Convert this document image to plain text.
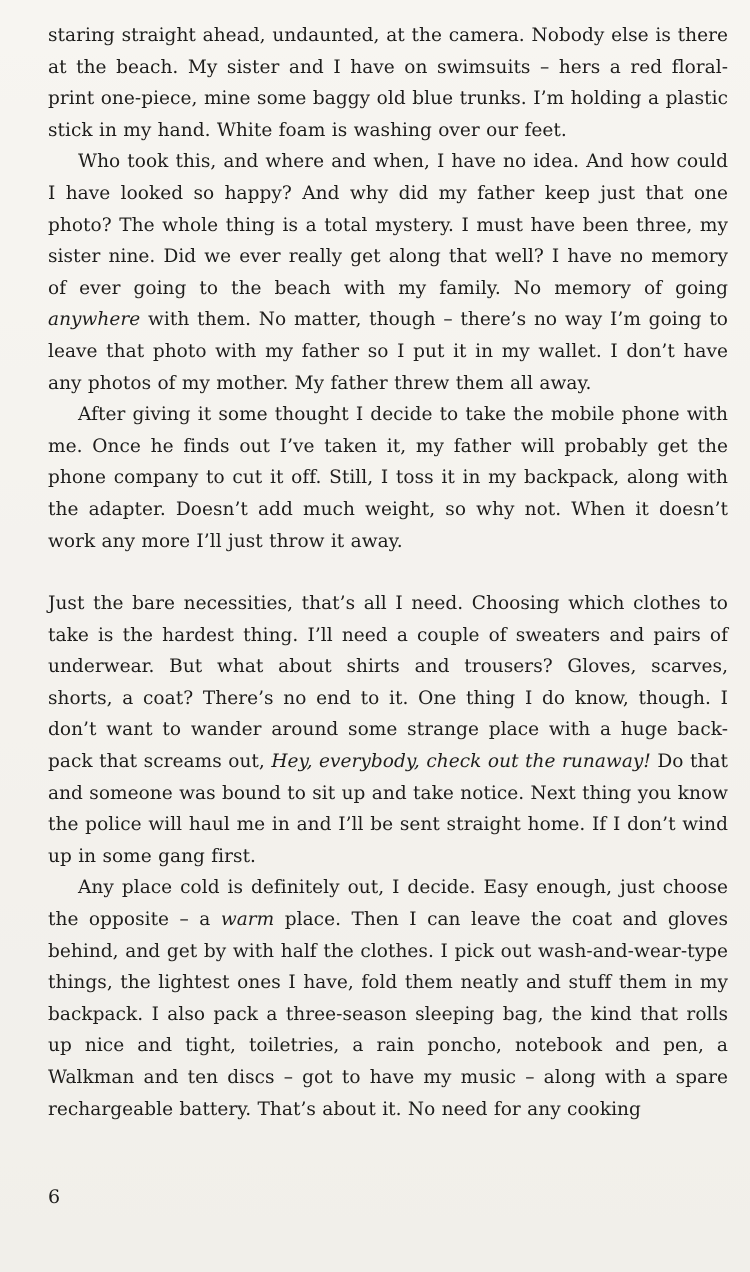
staring straight ahead, undaunted, at the camera. Nobody else is there at the beach. My sister and I have on swimsuits – hers a red floral-print one-piece, mine some baggy old blue trunks. I’m holding a plastic stick in my hand. White foam is washing over our feet.

Who took this, and where and when, I have no idea. And how could I have looked so happy? And why did my father keep just that one photo? The whole thing is a total mystery. I must have been three, my sister nine. Did we ever really get along that well? I have no memory of ever going to the beach with my family. No memory of going anywhere with them. No matter, though – there’s no way I’m going to leave that photo with my father so I put it in my wallet. I don’t have any photos of my mother. My father threw them all away.

After giving it some thought I decide to take the mobile phone with me. Once he finds out I’ve taken it, my father will probably get the phone company to cut it off. Still, I toss it in my backpack, along with the adapter. Doesn’t add much weight, so why not. When it doesn’t work any more I’ll just throw it away.

Just the bare necessities, that’s all I need. Choosing which clothes to take is the hardest thing. I’ll need a couple of sweaters and pairs of underwear. But what about shirts and trousers? Gloves, scarves, shorts, a coat? There’s no end to it. One thing I do know, though. I don’t want to wander around some strange place with a huge back-pack that screams out, Hey, everybody, check out the runaway! Do that and someone was bound to sit up and take notice. Next thing you know the police will haul me in and I’ll be sent straight home. If I don’t wind up in some gang first.

Any place cold is definitely out, I decide. Easy enough, just choose the opposite – a warm place. Then I can leave the coat and gloves behind, and get by with half the clothes. I pick out wash-and-wear-type things, the lightest ones I have, fold them neatly and stuff them in my backpack. I also pack a three-season sleeping bag, the kind that rolls up nice and tight, toiletries, a rain poncho, notebook and pen, a Walkman and ten discs – got to have my music – along with a spare rechargeable battery. That’s about it. No need for any cooking

6
